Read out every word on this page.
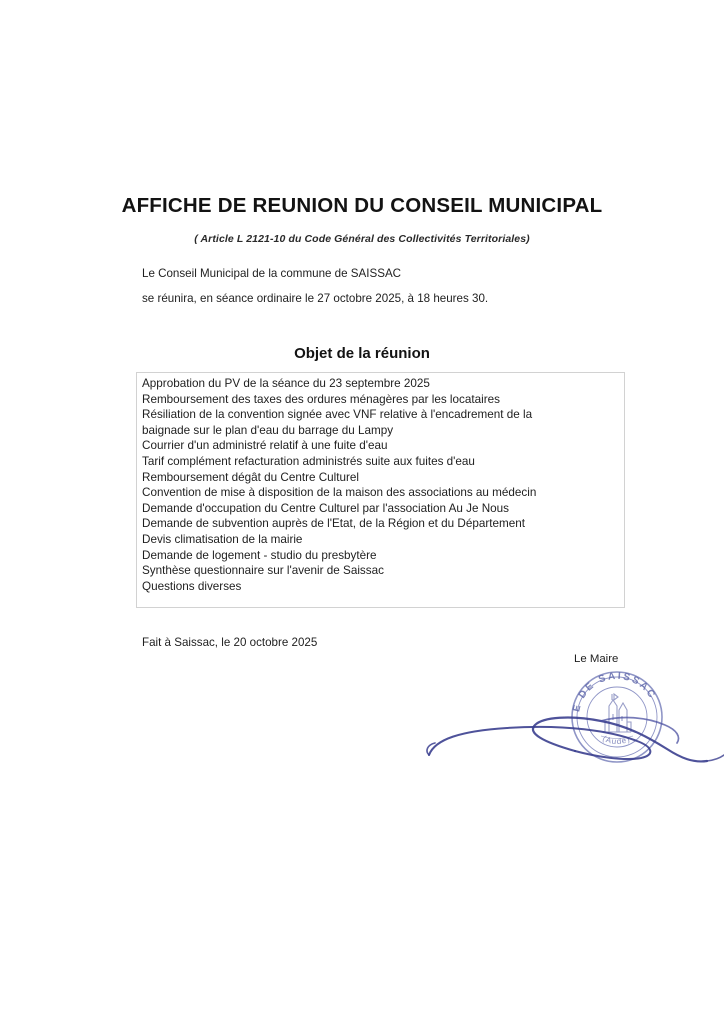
AFFICHE DE REUNION DU CONSEIL MUNICIPAL
( Article L 2121-10 du Code Général des Collectivités Territoriales)
Le Conseil Municipal de la commune de SAISSAC
se réunira, en séance ordinaire le 27 octobre 2025, à 18 heures 30.
Objet de la réunion
Approbation du PV de la séance du 23 septembre 2025
Remboursement des taxes des ordures ménagères par les locataires
Résiliation de la convention signée avec VNF relative à l'encadrement de la
baignade sur le plan d'eau du barrage du Lampy
Courrier d'un administré relatif à une fuite d'eau
Tarif complément refacturation administrés suite aux fuites d'eau
Remboursement dégât du Centre Culturel
Convention de mise à disposition de la maison des associations au médecin
Demande d'occupation du Centre Culturel par l'association Au Je Nous
Demande de subvention auprès de l'Etat, de la Région et du Département
Devis climatisation de la mairie
Demande de logement - studio du presbytère
Synthèse questionnaire sur l'avenir de Saissac
Questions diverses
Fait à Saissac, le 20 octobre 2025
Le Maire
E DE SAISSAC
(Aude)
